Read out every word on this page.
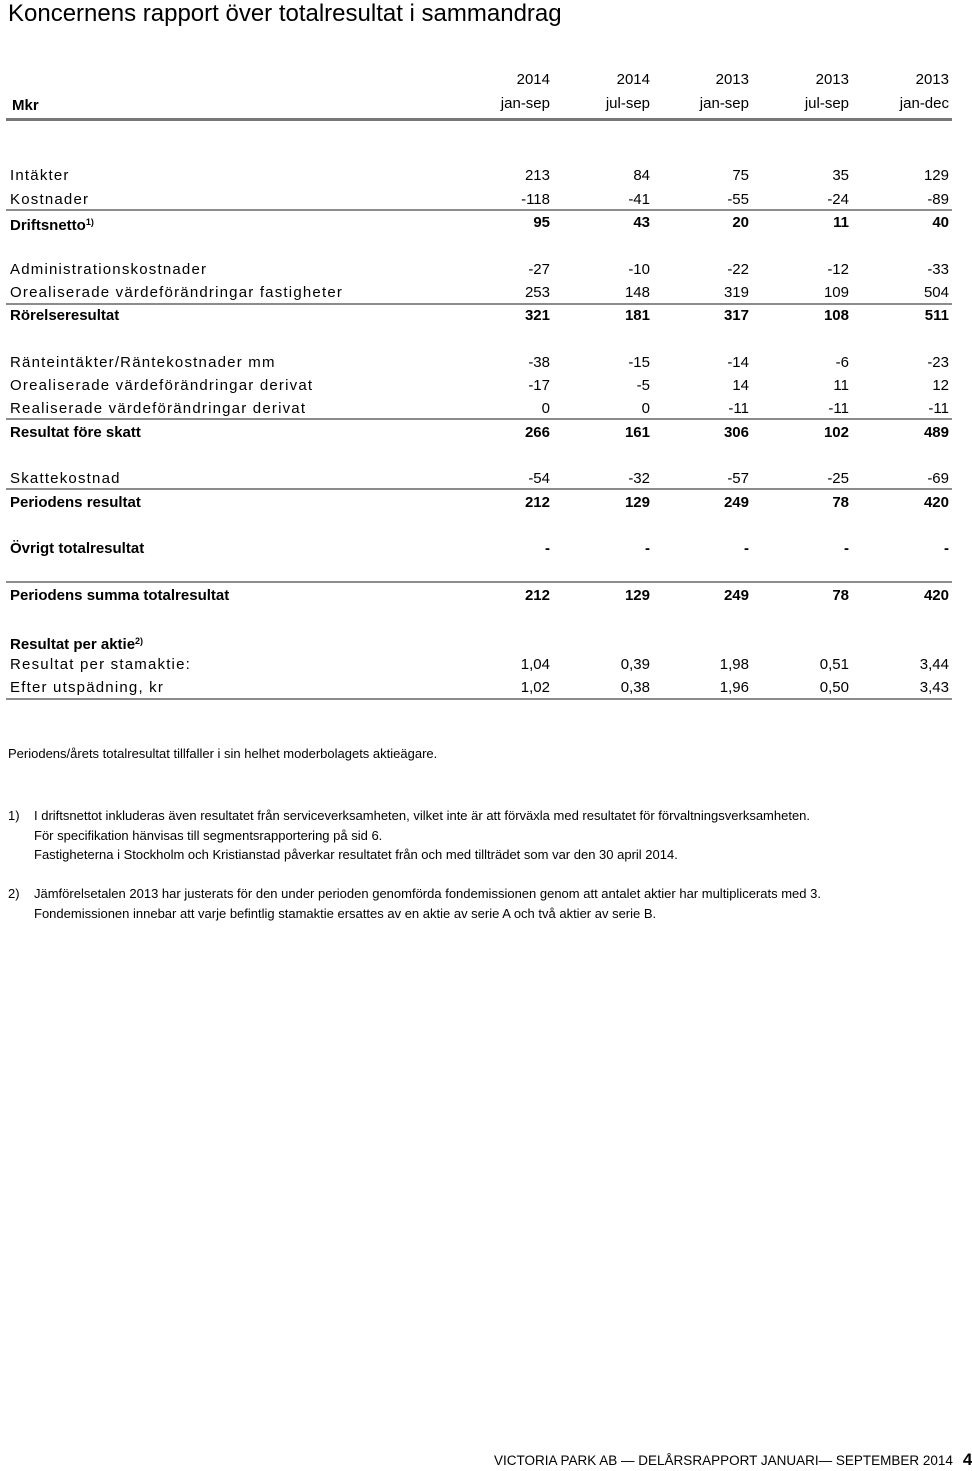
Koncernens rapport över totalresultat i sammandrag
2014	2014	2013	2013	2013
jan-sep	jul-sep	jan-sep	jul-sep	jan-dec
Mkr
Intäkter	213	84	75	35	129
Kostnader	-118	-41	-55	-24	-89
Driftsnetto$^{1)}$	95	43	20	11	40
Administrationskostnader	-27	-10	-22	-12	-33
Orealiserade värdeförändringar fastigheter	253	148	319	109	504
Rörelseresultat	321	181	317	108	511
Ränteintäkter/Räntekostnader mm	-38	-15	-14	-6	-23
Orealiserade värdeförändringar derivat	-17	-5	14	11	12
Realiserade värdeförändringar derivat	0	0	-11	-11	-11
Resultat före skatt	266	161	306	102	489
Skattekostnad	-54	-32	-57	-25	-69
Periodens resultat	212	129	249	78	420
Övrigt totalresultat	-	-	-	-	-
Periodens summa totalresultat	212	129	249	78	420
Resultat per aktie$^{2)}$
Resultat per stamaktie:	1,04	0,39	1,98	0,51	3,44
Efter utspädning, kr	1,02	0,38	1,96	0,50	3,43
Periodens/årets totalresultat tillfaller i sin helhet moderbolagets aktieägare.
1) I driftsnettot inkluderas även resultatet från serviceverksamheten, vilket inte är att förväxla med resultatet för förvaltningsverksamheten.
För specifikation hänvisas till segmentsrapportering på sid 6.
Fastigheterna i Stockholm och Kristianstad påverkar resultatet från och med tillträdet som var den 30 april 2014.
2) Jämförelsetalen 2013 har justerats för den under perioden genomförda fondemissionen genom att antalet aktier har multiplicerats med 3.
Fondemissionen innebar att varje befintlig stamaktie ersattes av en aktie av serie A och två aktier av serie B.
VICTORIA PARK AB — DELÅRSRAPPORT JANUARI— SEPTEMBER 2014 4
